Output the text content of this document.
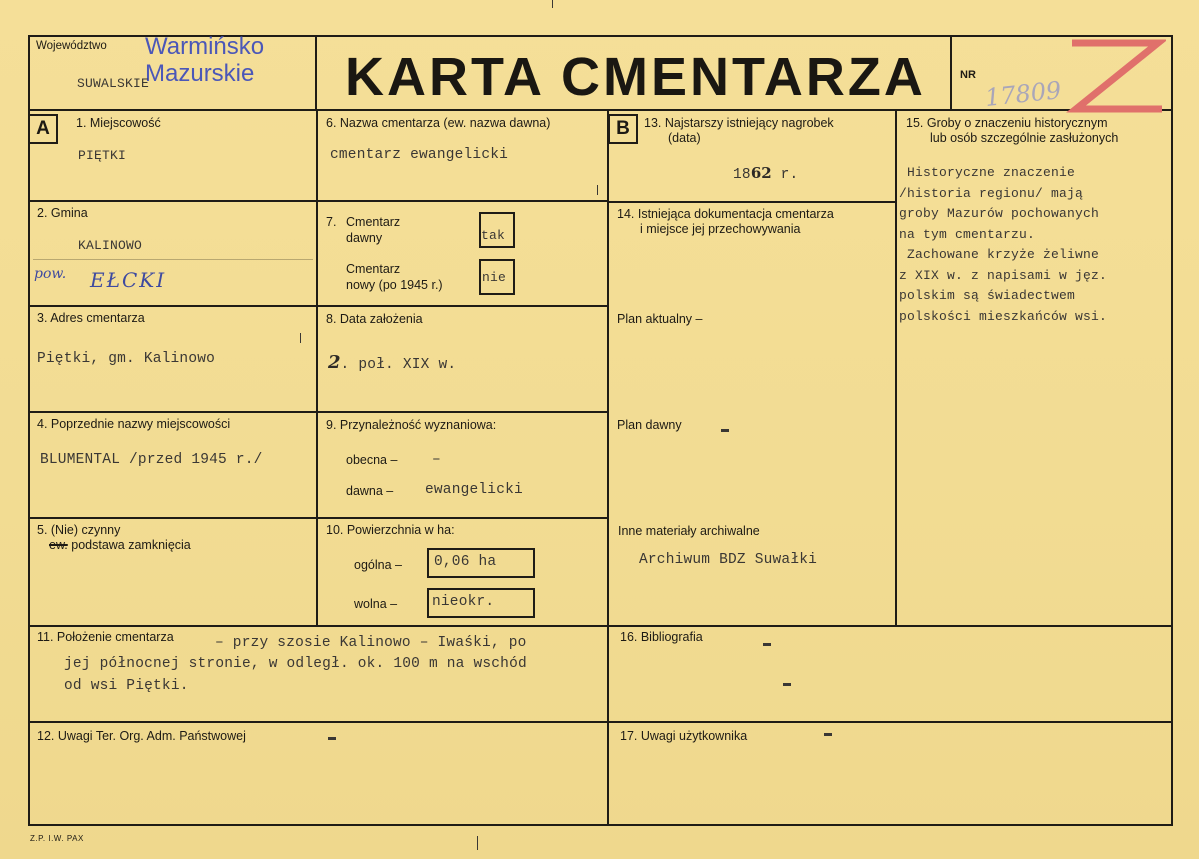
Województwo Warmińsko
Mazurskie
SUWALSKIE	KARTA CMENTARZA	NR
17809
A	1. Miejscowość
PIĘTKI
2. Gmina
KALINOWO
pow. EŁCKI
3. Adres cmentarza
Piętki, gm. Kalinowo
4. Poprzednie nazwy miejscowości
BLUMENTAL /przed 1945 r./
5. (Nie) czynny
ew. podstawa zamknięcia
6. Nazwa cmentarza (ew. nazwa dawna)
cmentarz ewangelicki
7. Cmentarz
dawny	tak
Cmentarz
nowy (po 1945 r.)	nie
8. Data założenia
2. poł. XIX w.
9. Przynależność wyznaniowa:
obecna – –
dawna – ewangelicki
10. Powierzchnia w ha:
ogólna – 0,06 ha
wolna – nieokr.
B	13. Najstarszy istniejący nagrobek
(data)
1862 r.
14. Istniejąca dokumentacja cmentarza
i miejsce jej przechowywania
Plan aktualny –
Plan dawny
Inne materiały archiwalne
Archiwum BDZ Suwałki
15. Groby o znaczeniu historycznym
lub osób szczególnie zasłużonych
Historyczne znaczenie
/historia regionu/ mają
groby Mazurów pochowanych
na tym cmentarzu.
Zachowane krzyże żeliwne
z XIX w. z napisami w jęz.
polskim są świadectwem
polskości mieszkańców wsi.
11. Położenie cmentarza	– przy szosie Kalinowo – Iwaśki, po
jej północnej stronie, w odległ. ok. 100 m na wschód
od wsi Piętki.
16. Bibliografia
12. Uwagi Ter. Org. Adm. Państwowej	17. Uwagi użytkownika
Z.P. I.W. PAX
